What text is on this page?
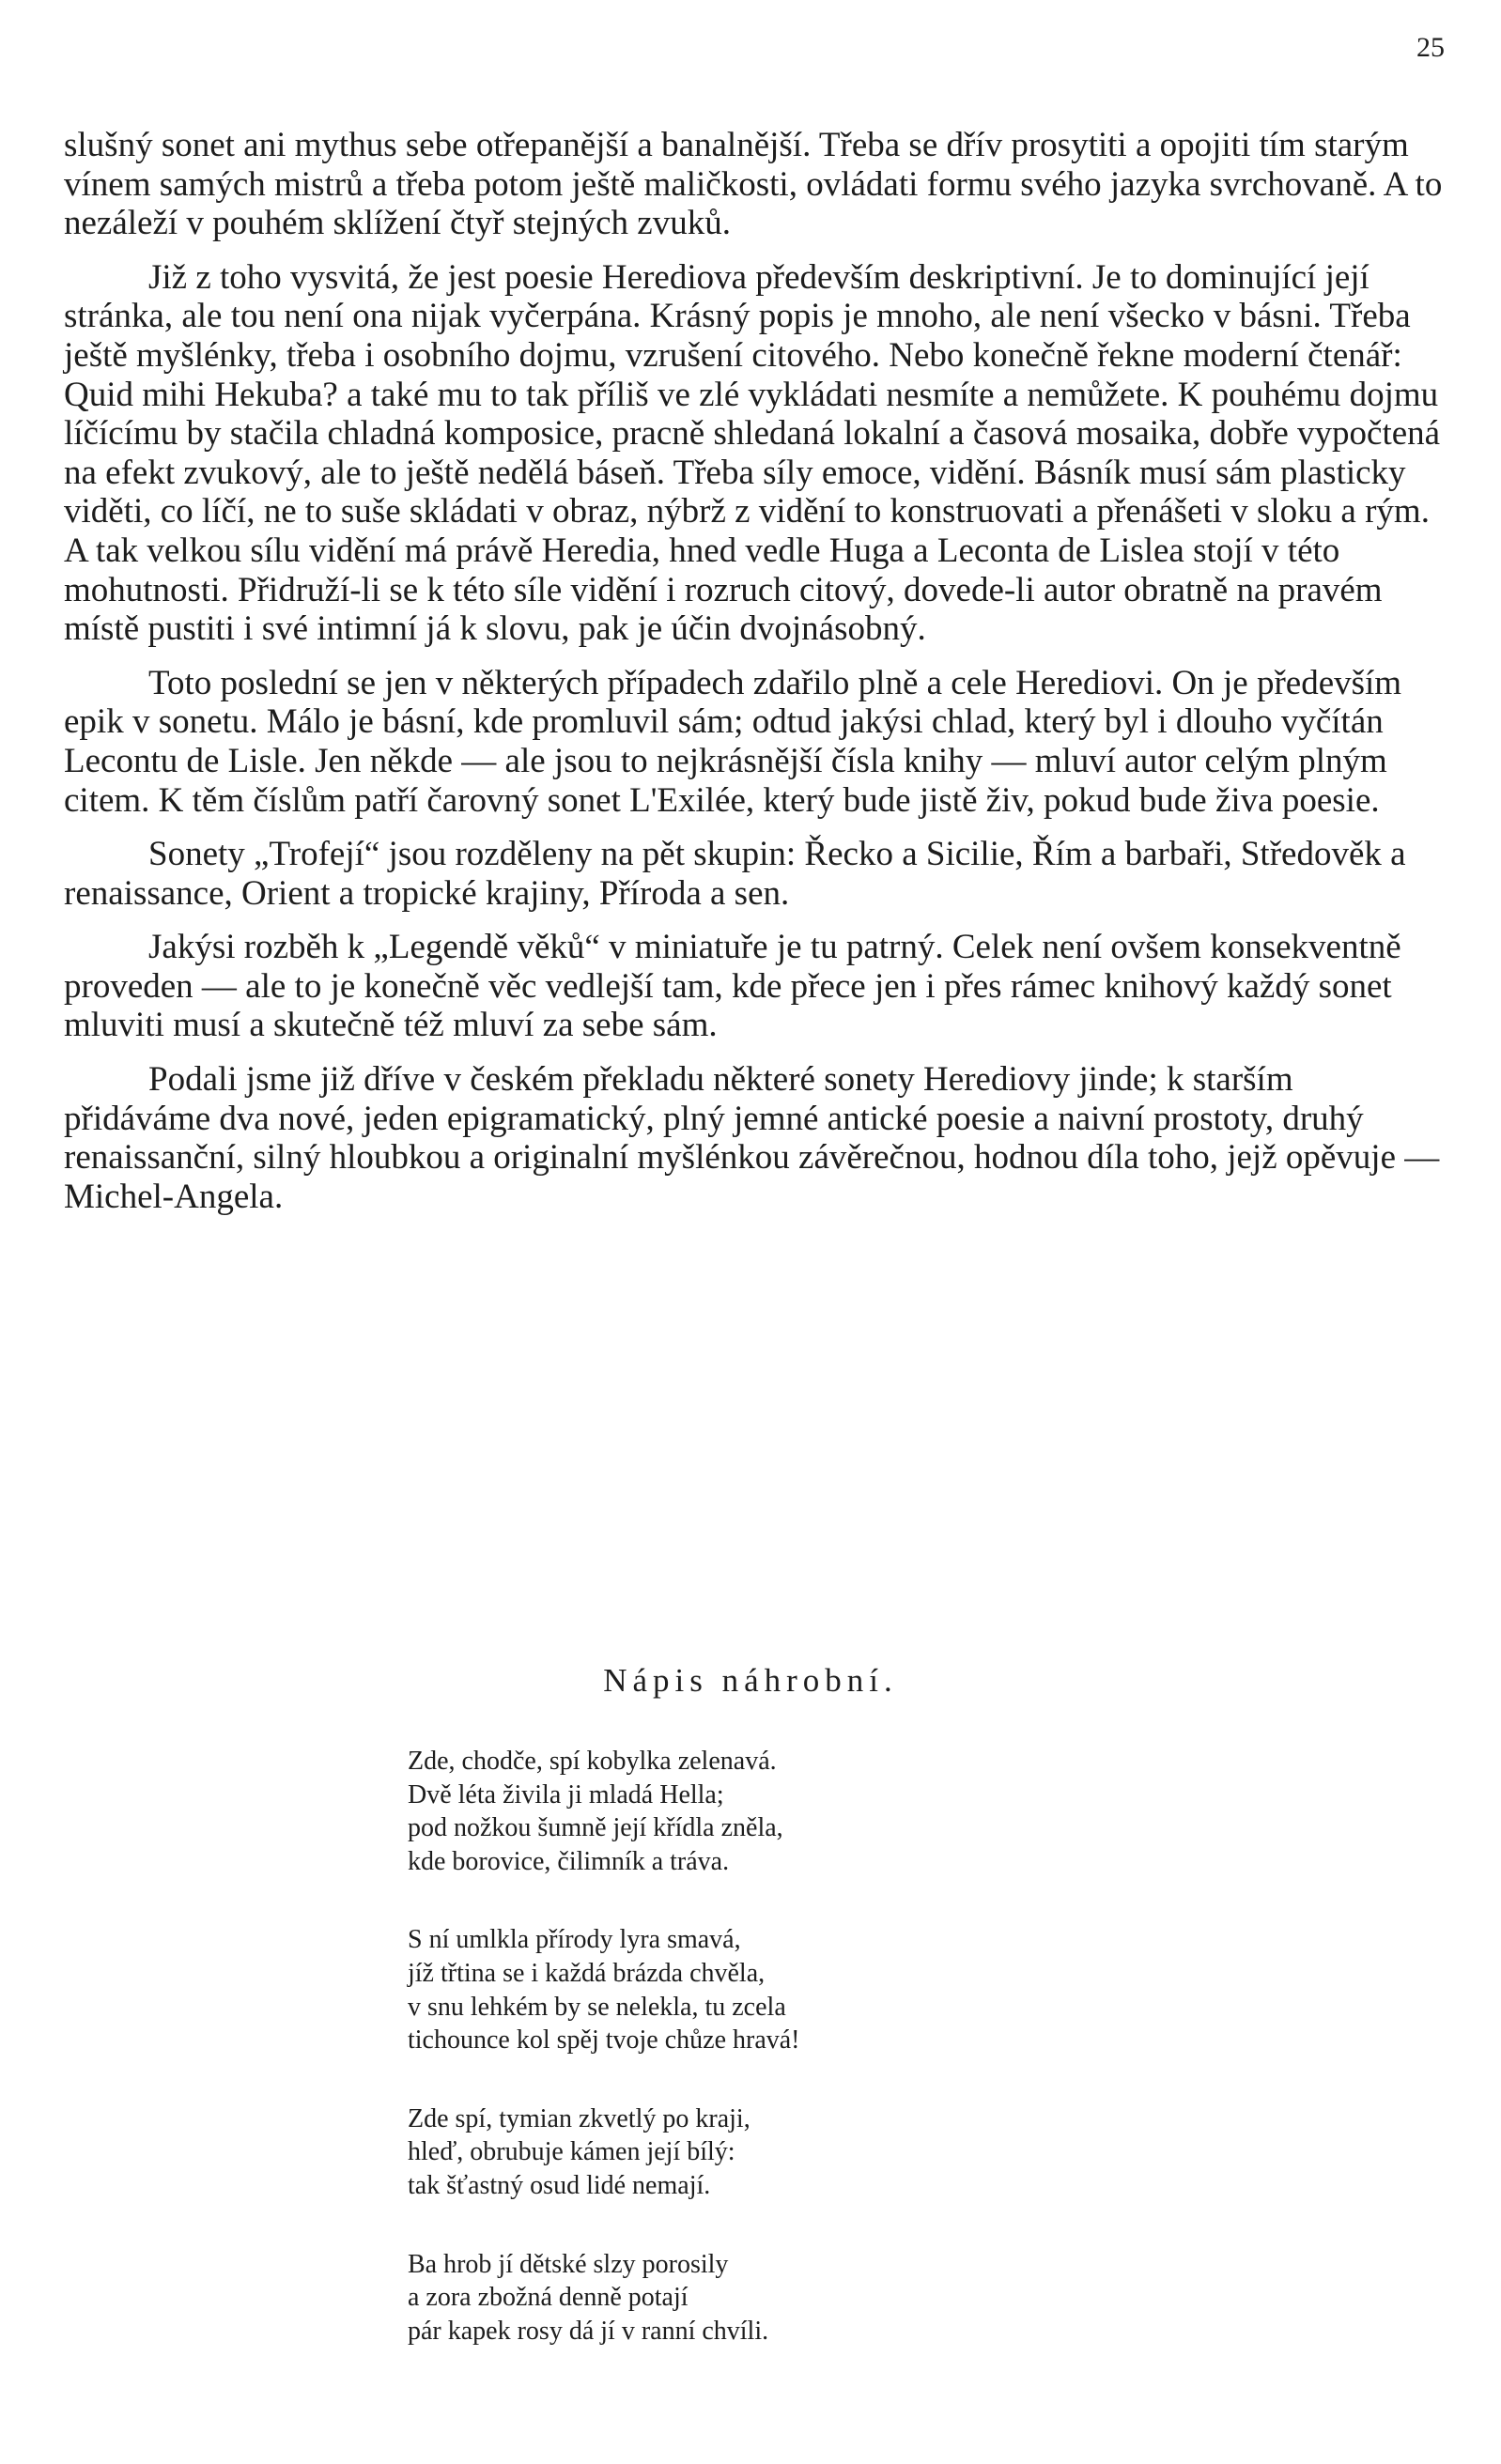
25

slušný sonet ani mythus sebe otřepanější a banalnější. Třeba se dřív prosytiti a opojiti tím starým vínem samých mistrů a třeba potom ještě maličkosti, ovládati formu svého jazyka svrchovaně. A to nezáleží v pouhém sklížení čtyř stejných zvuků.

Již z toho vysvitá, že jest poesie Herediova především deskriptivní. Je to dominující její stránka, ale tou není ona nijak vyčerpána. Krásný popis je mnoho, ale není všecko v básni. Třeba ještě myšlénky, třeba i osobního dojmu, vzrušení citového. Nebo konečně řekne moderní čtenář: Quid mihi Hekuba? a také mu to tak příliš ve zlé vykládati nesmíte a nemůžete. K pouhému dojmu líčícímu by stačila chladná komposice, pracně shledaná lokalní a časová mosaika, dobře vypočtená na efekt zvukový, ale to ještě nedělá báseň. Třeba síly emoce, vidění. Básník musí sám plasticky viděti, co líčí, ne to suše skládati v obraz, nýbrž z vidění to konstruovati a přenášeti v sloku a rým. A tak velkou sílu vidění má právě Heredia, hned vedle Huga a Leconta de Lislea stojí v této mohutnosti. Přidruží-li se k této síle vidění i rozruch citový, dovede-li autor obratně na pravém místě pustiti i své intimní já k slovu, pak je účin dvojnásobný.

Toto poslední se jen v některých případech zdařilo plně a cele Herediovi. On je především epik v sonetu. Málo je básní, kde promluvil sám; odtud jakýsi chlad, který byl i dlouho vyčítán Lecontu de Lisle. Jen někde — ale jsou to nejkrásnější čísla knihy — mluví autor celým plným citem. K těm číslům patří čarovný sonet L'Exilée, který bude jistě živ, pokud bude živa poesie.

Sonety „Trofejí“ jsou rozděleny na pět skupin: Řecko a Sicilie, Řím a barbaři, Středověk a renaissance, Orient a tropické krajiny, Příroda a sen.

Jakýsi rozběh k „Legendě věků“ v miniatuře je tu patrný. Celek není ovšem konsekventně proveden — ale to je konečně věc vedlejší tam, kde přece jen i přes rámec knihový každý sonet mluviti musí a skutečně též mluví za sebe sám.

Podali jsme již dříve v českém překladu některé sonety Herediovy jinde; k starším přidáváme dva nové, jeden epigramatický, plný jemné antické poesie a naivní prostoty, druhý renaissanční, silný hloubkou a originalní myšlénkou závěrečnou, hodnou díla toho, jejž opěvuje — Michel-Angela.

Nápis náhrobní.
Zde, chodče, spí kobylka zelenavá.
Dvě léta živila ji mladá Hella;
pod nožkou šumně její křídla zněla,
kde borovice, čilimník a tráva.
S ní umlkla přírody lyra smavá,
jíž třtina se i každá brázda chvěla,
v snu lehkém by se nelekla, tu zcela
tichounce kol spěj tvoje chůze hravá!
Zde spí, tymian zkvetlý po kraji,
hleď, obrubuje kámen její bílý:
tak šťastný osud lidé nemají.
Ba hrob jí dětské slzy porosily
a zora zbožná denně potají
pár kapek rosy dá jí v ranní chvíli.
